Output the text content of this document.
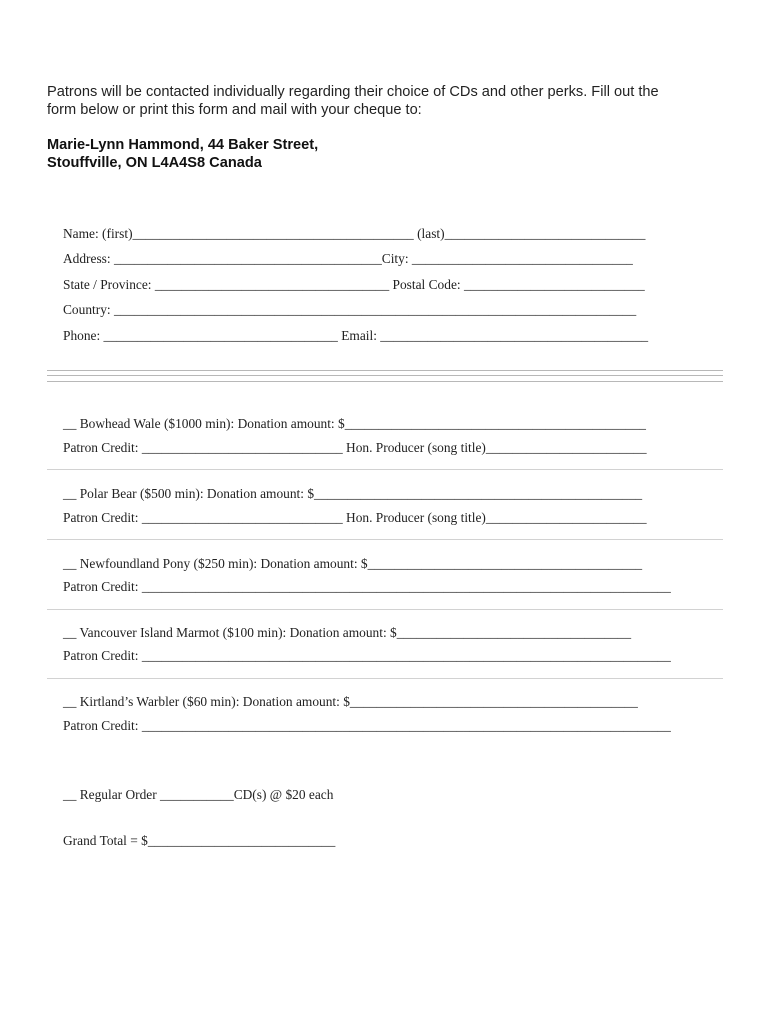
Patrons will be contacted individually regarding their choice of CDs and other perks. Fill out the
form below or print this form and mail with your cheque to:
Marie-Lynn Hammond, 44 Baker Street,
Stouffville, ON L4A4S8 Canada
Name: (first)__________________________________________ (last)______________________________
Address: ________________________________________City: _________________________________
State / Province: ___________________________________ Postal Code: ___________________________
Country: ______________________________________________________________________________
Phone: ___________________________________ Email: ________________________________________
__ Bowhead Wale ($1000 min): Donation amount: $_____________________________________________
Patron Credit: ______________________________ Hon. Producer (song title)________________________
__ Polar Bear ($500 min): Donation amount: $_________________________________________________
Patron Credit: ______________________________ Hon. Producer (song title)________________________
__ Newfoundland Pony ($250 min): Donation amount: $_________________________________________
Patron Credit: _______________________________________________________________________________
__ Vancouver Island Marmot ($100 min): Donation amount: $___________________________________
Patron Credit: _______________________________________________________________________________
__ Kirtland’s Warbler ($60 min): Donation amount: $___________________________________________
Patron Credit: _______________________________________________________________________________
__ Regular Order ___________CD(s) @ $20 each
Grand Total = $____________________________
